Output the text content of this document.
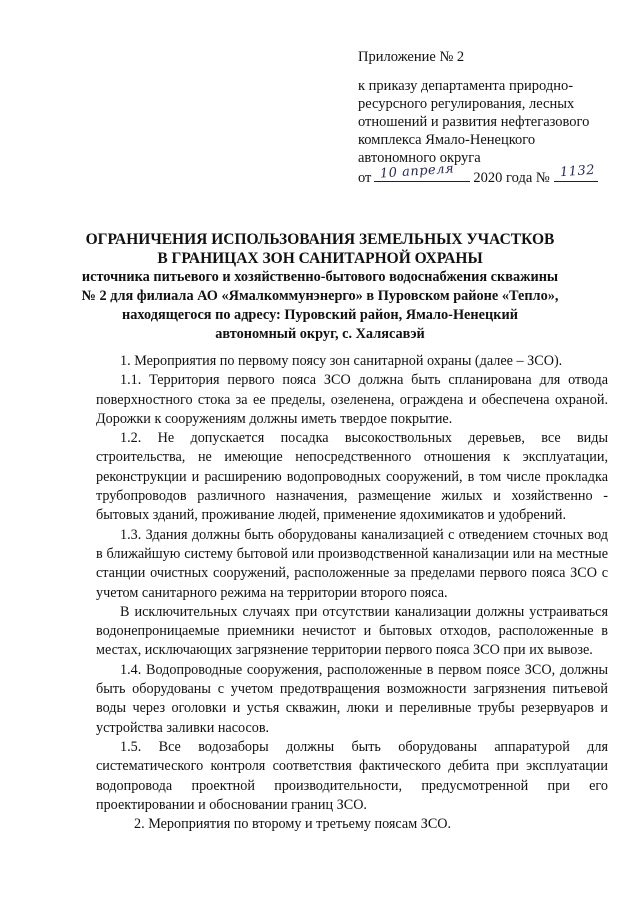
Приложение № 2
к приказу департамента природно-
ресурсного регулирования, лесных
отношений и развития нефтегазового
комплекса Ямало-Ненецкого
автономного округа
от 10 апреля 2020 года № 1132
ОГРАНИЧЕНИЯ ИСПОЛЬЗОВАНИЯ ЗЕМЕЛЬНЫХ УЧАСТКОВ В ГРАНИЦАХ ЗОН САНИТАРНОЙ ОХРАНЫ
источника питьевого и хозяйственно-бытового водоснабжения скважины № 2 для филиала АО «Ямалкоммунэнерго» в Пуровском районе «Тепло», находящегося по адресу: Пуровский район, Ямало-Ненецкий автономный округ, с. Халясавэй

1. Мероприятия по первому поясу зон санитарной охраны (далее – ЗСО).

1.1. Территория первого пояса ЗСО должна быть спланирована для отвода поверхностного стока за ее пределы, озеленена, ограждена и обеспечена охраной. Дорожки к сооружениям должны иметь твердое покрытие.

1.2. Не допускается посадка высокоствольных деревьев, все виды строительства, не имеющие непосредственного отношения к эксплуатации, реконструкции и расширению водопроводных сооружений, в том числе прокладка трубопроводов различного назначения, размещение жилых и хозяйственно - бытовых зданий, проживание людей, применение ядохимикатов и удобрений.

1.3. Здания должны быть оборудованы канализацией с отведением сточных вод в ближайшую систему бытовой или производственной канализации или на местные станции очистных сооружений, расположенные за пределами первого пояса ЗСО с учетом санитарного режима на территории второго пояса.

В исключительных случаях при отсутствии канализации должны устраиваться водонепроницаемые приемники нечистот и бытовых отходов, расположенные в местах, исключающих загрязнение территории первого пояса ЗСО при их вывозе.

1.4. Водопроводные сооружения, расположенные в первом поясе ЗСО, должны быть оборудованы с учетом предотвращения возможности загрязнения питьевой воды через оголовки и устья скважин, люки и переливные трубы резервуаров и устройства заливки насосов.

1.5. Все водозаборы должны быть оборудованы аппаратурой для систематического контроля соответствия фактического дебита при эксплуатации водопровода проектной производительности, предусмотренной при его проектировании и обосновании границ ЗСО.

2. Мероприятия по второму и третьему поясам ЗСО.
